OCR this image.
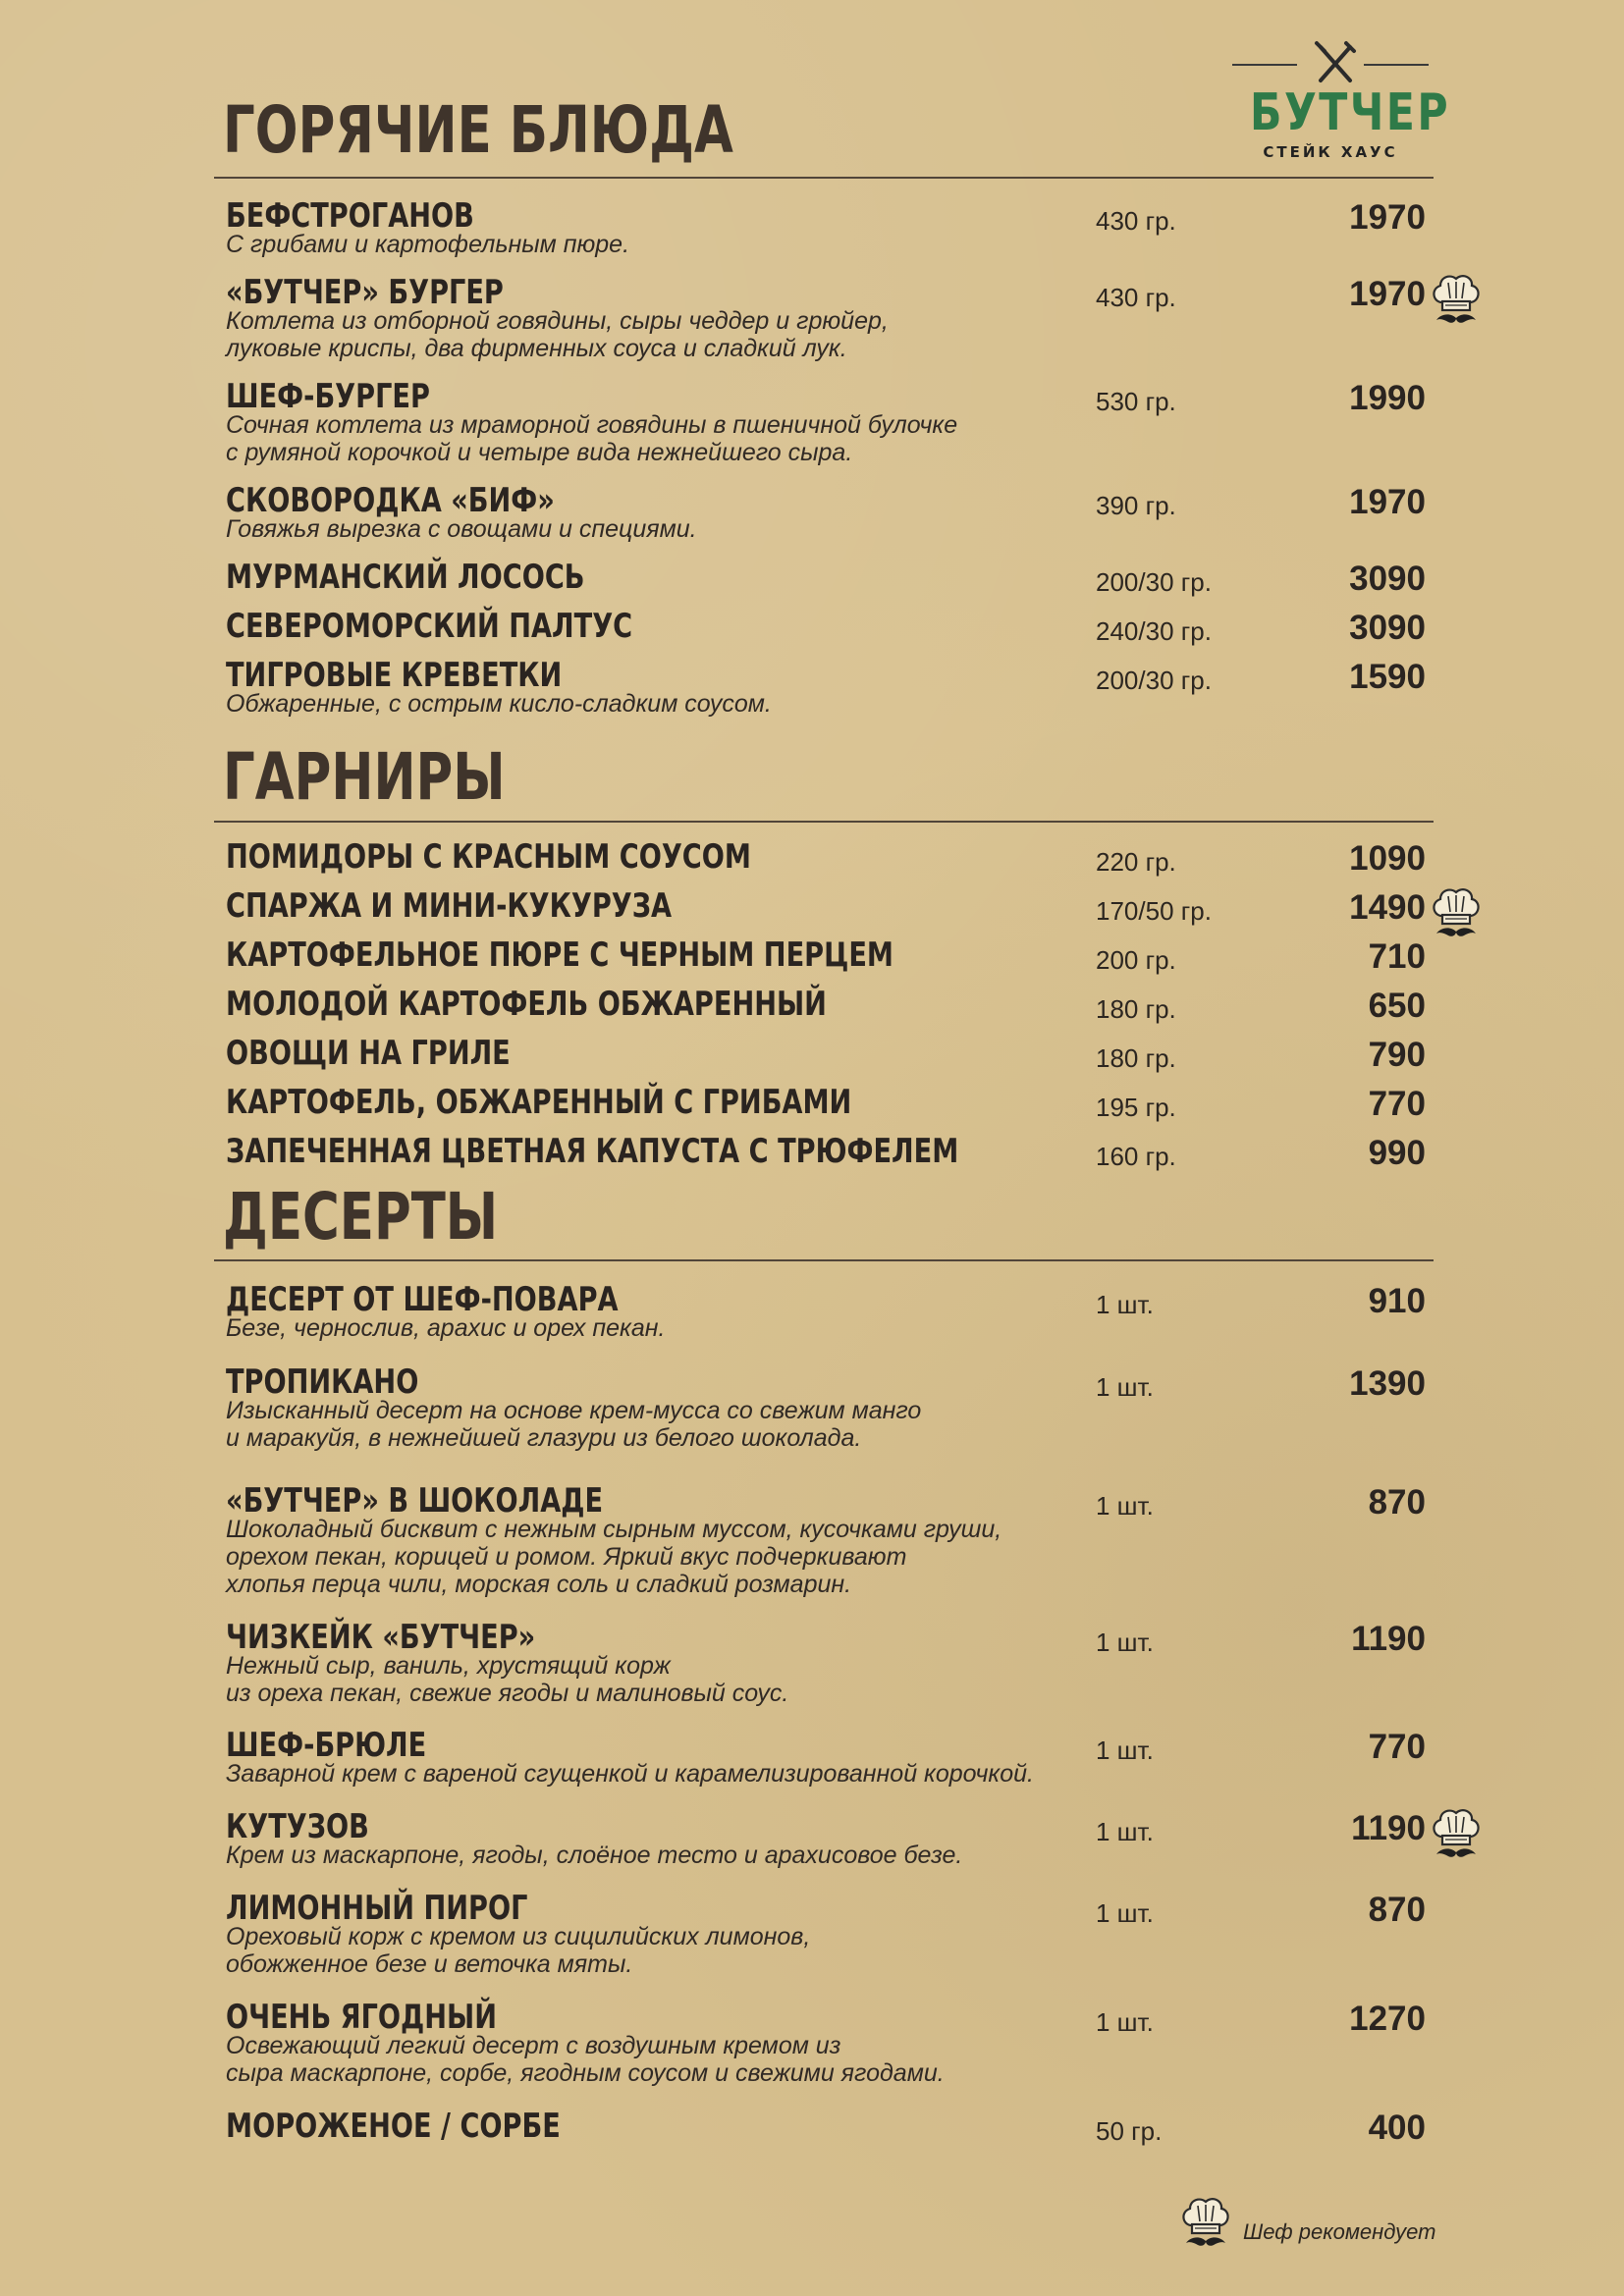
БУТЧЕР
СТЕЙК ХАУС
ГОРЯЧИЕ БЛЮДА
БЕФСТРОГАНОВ
С грибами и картофельным пюре.
430 гр.	1970
«БУТЧЕР» БУРГЕР
Котлета из отборной говядины, сыры чеддер и грюйер,
луковые криспы, два фирменных соуса и сладкий лук.
430 гр.	1970
ШЕФ-БУРГЕР
Сочная котлета из мраморной говядины в пшеничной булочке
с румяной корочкой и четыре вида нежнейшего сыра.
530 гр.	1990
СКОВОРОДКА «БИФ»
Говяжья вырезка с овощами и специями.
390 гр.	1970
МУРМАНСКИЙ ЛОСОСЬ	200/30 гр.	3090
СЕВЕРОМОРСКИЙ ПАЛТУС	240/30 гр.	3090
ТИГРОВЫЕ КРЕВЕТКИ
Обжаренные, с острым кисло-сладким соусом.
200/30 гр.	1590
ГАРНИРЫ
ПОМИДОРЫ С КРАСНЫМ СОУСОМ	220 гр.	1090
СПАРЖА И МИНИ-КУКУРУЗА	170/50 гр.	1490
КАРТОФЕЛЬНОЕ ПЮРЕ С ЧЕРНЫМ ПЕРЦЕМ	200 гр.	710
МОЛОДОЙ КАРТОФЕЛЬ ОБЖАРЕННЫЙ	180 гр.	650
ОВОЩИ НА ГРИЛЕ	180 гр.	790
КАРТОФЕЛЬ, ОБЖАРЕННЫЙ С ГРИБАМИ	195 гр.	770
ЗАПЕЧЕННАЯ ЦВЕТНАЯ КАПУСТА С ТРЮФЕЛЕМ	160 гр.	990
ДЕСЕРТЫ
ДЕСЕРТ ОТ ШЕФ-ПОВАРА
Безе, чернослив, арахис и орех пекан.
1 шт.	910
ТРОПИКАНО
Изысканный десерт на основе крем-мусса со свежим манго
и маракуйя, в нежнейшей глазури из белого шоколада.
1 шт.	1390
«БУТЧЕР» В ШОКОЛАДЕ
Шоколадный бисквит с нежным сырным муссом, кусочками груши,
орехом пекан, корицей и ромом. Яркий вкус подчеркивают
хлопья перца чили, морская соль и сладкий розмарин.
1 шт.	870
ЧИЗКЕЙК «БУТЧЕР»
Нежный сыр, ваниль, хрустящий корж
из ореха пекан, свежие ягоды и малиновый соус.
1 шт.	1190
ШЕФ-БРЮЛЕ
Заварной крем с вареной сгущенкой и карамелизированной корочкой.
1 шт.	770
КУТУЗОВ
Крем из маскарпоне, ягоды, слоёное тесто и арахисовое безе.
1 шт.	1190
ЛИМОННЫЙ ПИРОГ
Ореховый корж с кремом из сицилийских лимонов,
обожженное безе и веточка мяты.
1 шт.	870
ОЧЕНЬ ЯГОДНЫЙ
Освежающий легкий десерт с воздушным кремом из
сыра маскарпоне, сорбе, ягодным соусом и свежими ягодами.
1 шт.	1270
МОРОЖЕНОЕ / СОРБЕ	50 гр.	400
Шеф рекомендует
